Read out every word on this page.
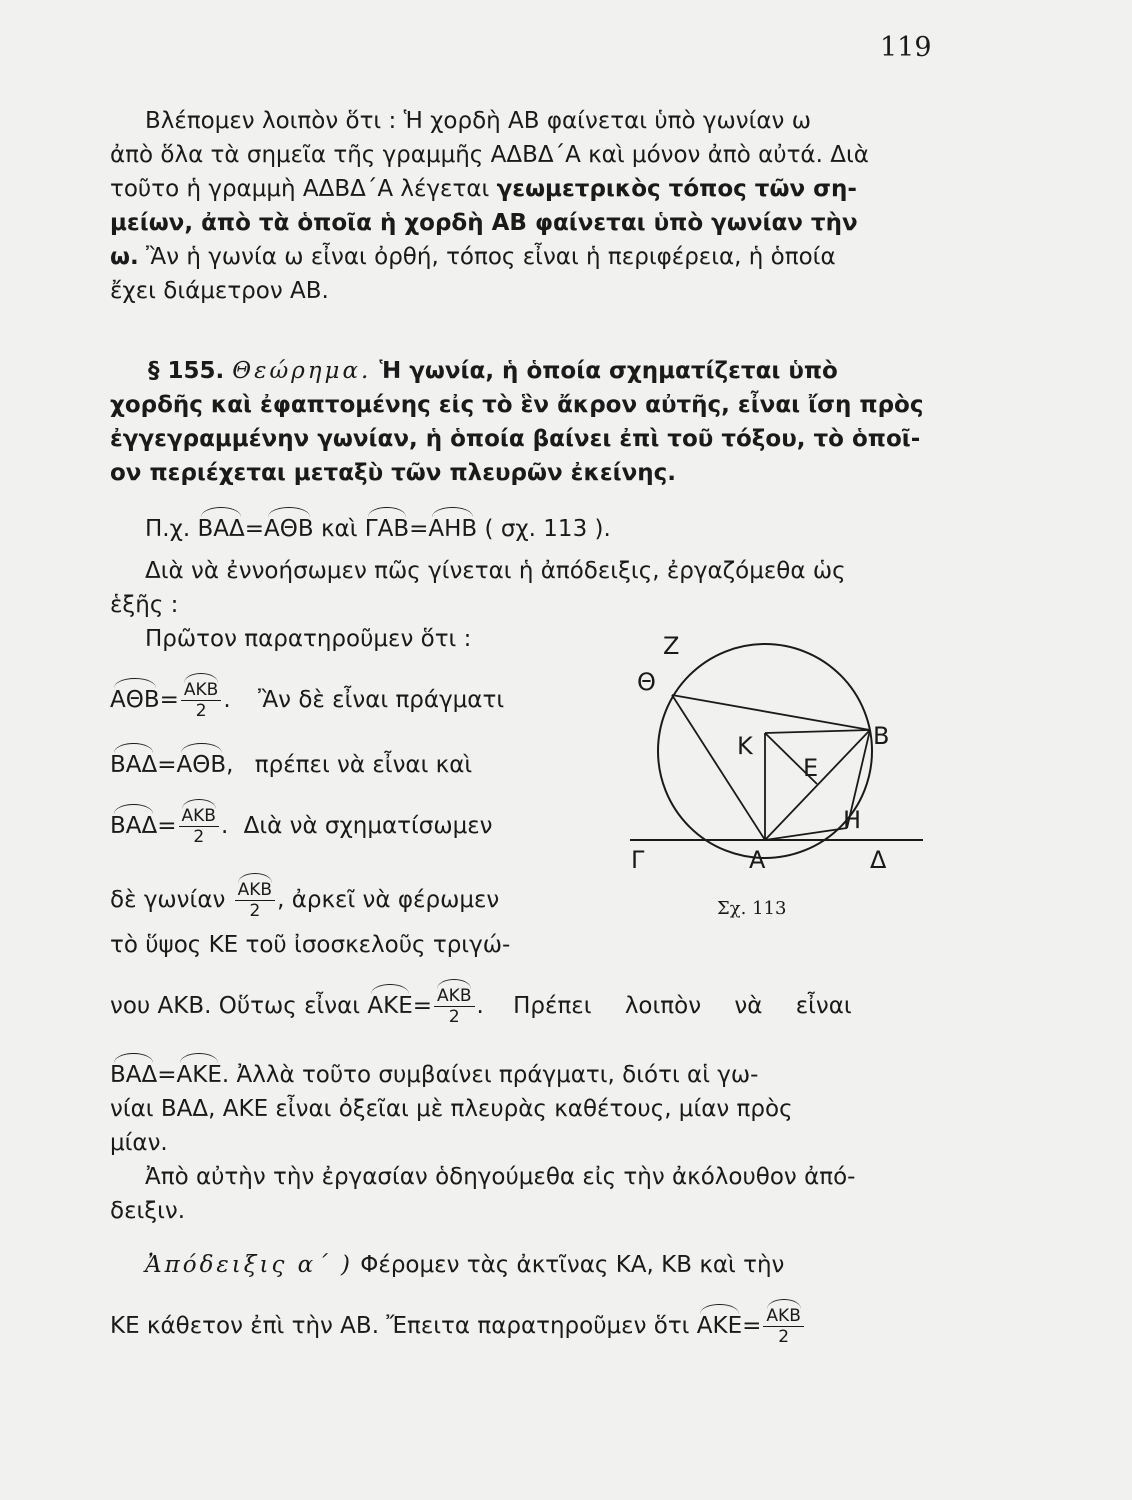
119
Βλέπομεν λοιπὸν ὅτι : Ἡ χορδὴ ΑΒ φαίνεται ὑπὸ γωνίαν ω
ἀπὸ ὅλα τὰ σημεῖα τῆς γραμμῆς ΑΔΒΔ΄Α καὶ μόνον ἀπὸ αὐτά. Διὰ
τοῦτο ἡ γραμμὴ ΑΔΒΔ΄Α λέγεται γεωμετρικὸς τόπος τῶν ση-
μείων, ἀπὸ τὰ ὁποῖα ἡ χορδὴ ΑΒ φαίνεται ὑπὸ γωνίαν τὴν
ω. Ἂν ἡ γωνία ω εἶναι ὀρθή, τόπος εἶναι ἡ περιφέρεια, ἡ ὁποία
ἔχει διάμετρον ΑΒ.
§ 155. Θεώρημα. Ἡ γωνία, ἡ ὁποία σχηματίζεται ὑπὸ
χορδῆς καὶ ἐφαπτομένης εἰς τὸ ἓν ἄκρον αὐτῆς, εἶναι ἴση πρὸς
ἐγγεγραμμένην γωνίαν, ἡ ὁποία βαίνει ἐπὶ τοῦ τόξου, τὸ ὁποῖ-
ον περιέχεται μεταξὺ τῶν πλευρῶν ἐκείνης.
Π.χ. ΒΑΔ=ΑΘΒ καὶ ΓΑΒ=ΑΗΒ ( σχ. 113 ).
Διὰ νὰ ἐννοήσωμεν πῶς γίνεται ἡ ἀπόδειξις, ἐργαζόμεθα ὡς
ἑξῆς :
Πρῶτον παρατηροῦμεν ὅτι :
$A\Theta B= \frac{\text{ΑΚΒ}}{2}$ . Ἂν δὲ εἶναι πράγματι
ΒΑΔ=ΑΘΒ, πρέπει νὰ εἶναι καὶ
$BA\Delta= \frac{\text{ΑΚΒ}}{2}$ . Διὰ νὰ σχηματίσωμεν
δὲ γωνίαν $\frac{\text{ΑΚΒ}}{2}$ , ἀρκεῖ νὰ φέρωμεν
τὸ ὕψος ΚΕ τοῦ ἰσοσκελοῦς τριγώ-
νου ΑΚΒ. Οὕτως εἶναι $AKE= \frac{\text{ΑΚΒ}}{2}$ . Πρέπει λοιπὸν νὰ εἶναι
ΒΑΔ=ΑΚΕ. Ἀλλὰ τοῦτο συμβαίνει πράγματι, διότι αἱ γω-
νίαι ΒΑΔ, ΑΚΕ εἶναι ὀξεῖαι μὲ πλευρὰς καθέτους, μίαν πρὸς
μίαν.
Ἀπὸ αὐτὴν τὴν ἐργασίαν ὁδηγούμεθα εἰς τὴν ἀκόλουθον ἀπό-
δειξιν.
Ἀπόδειξις α΄ ) Φέρομεν τὰς ἀκτῖνας ΚΑ, ΚΒ καὶ τὴν
ΚΕ κάθετον ἐπὶ τὴν ΑΒ. Ἔπειτα παρατηροῦμεν ὅτι $AKE= \frac{\text{ΑΚΒ}}{2}$
Ζ
Θ
Β
Κ
Ε
Η
Γ	Α	Δ
Σχ. 113
